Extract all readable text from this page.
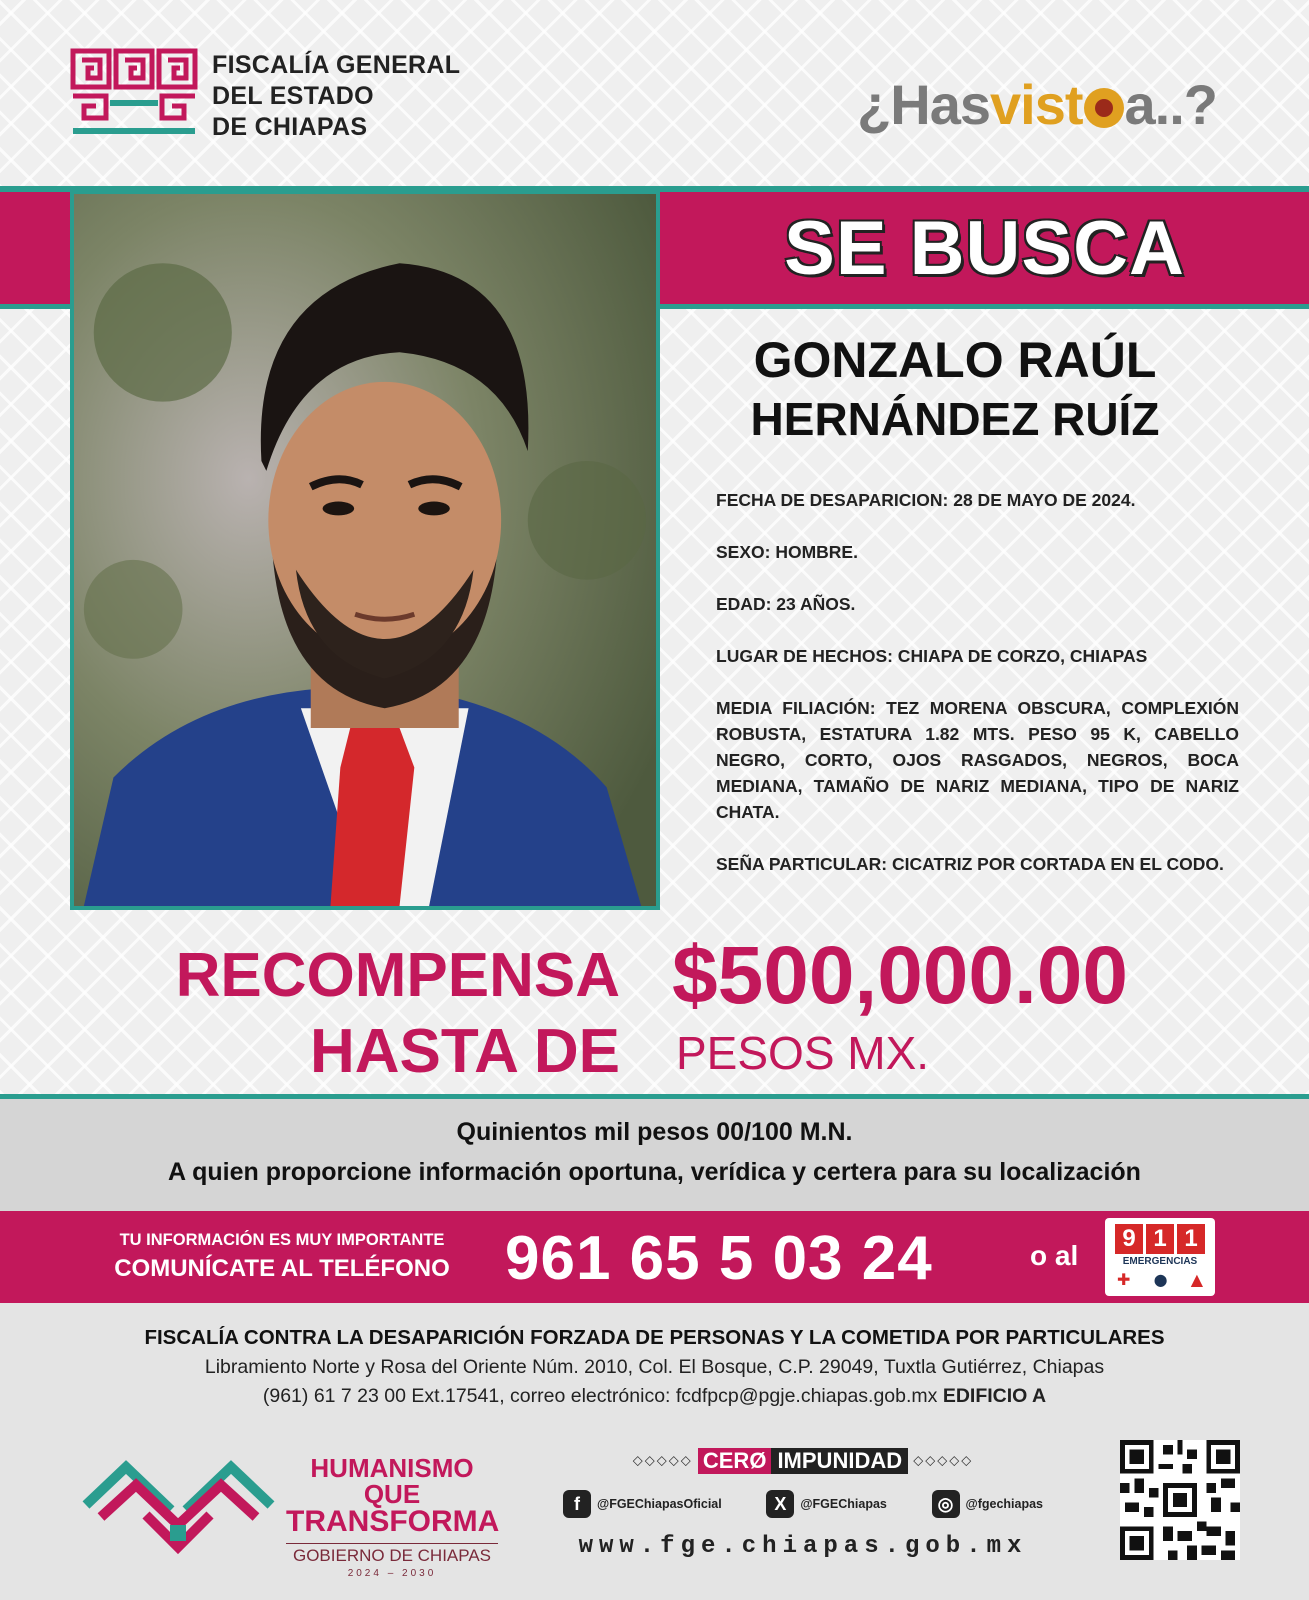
FISCALÍA GENERAL
DEL ESTADO
DE CHIAPAS	¿Hasvist a..?
SE BUSCA
GONZALO RAÚL
HERNÁNDEZ RUÍZ

FECHA DE DESAPARICION: 28 DE MAYO DE 2024.

SEXO: HOMBRE.

EDAD: 23 AÑOS.

LUGAR DE HECHOS: CHIAPA DE CORZO, CHIAPAS

MEDIA FILIACIÓN: TEZ MORENA OBSCURA, COMPLEXIÓN ROBUSTA, ESTATURA 1.82 MTS. PESO 95 K, CABELLO NEGRO, CORTO, OJOS RASGADOS, NEGROS, BOCA MEDIANA, TAMAÑO DE NARIZ MEDIANA, TIPO DE NARIZ CHATA.

SEÑA PARTICULAR: CICATRIZ POR CORTADA EN EL CODO.

RECOMPENSA
HASTA DE
$500,000.00
PESOS MX.
Quinientos mil pesos 00/100 M.N.
A quien proporcione información oportuna, verídica y certera para su localización
TU INFORMACIÓN ES MUY IMPORTANTE
COMUNÍCATE AL TELÉFONO 961 65 5 03 24	o al
9 1 1
EMERGENCIAS
✚ ● ▲
FISCALÍA CONTRA LA DESAPARICIÓN FORZADA DE PERSONAS Y LA COMETIDA POR PARTICULARES
Libramiento Norte y Rosa del Oriente Núm. 2010, Col. El Bosque, C.P. 29049, Tuxtla Gutiérrez, Chiapas
(961) 61 7 23 00 Ext.17541, correo electrónico: fcdfpcp@pgje.chiapas.gob.mx EDIFICIO A
HUMANISMO QUE
TRANSFORMA
GOBIERNO DE CHIAPAS
2024 – 2030
◇◇◇◇◇ CERØ IMPUNIDAD ◇◇◇◇◇
f	@FGEChiapasOficial	X	@FGEChiapas	◎ @fgechiapas
www.fge.chiapas.gob.mx
